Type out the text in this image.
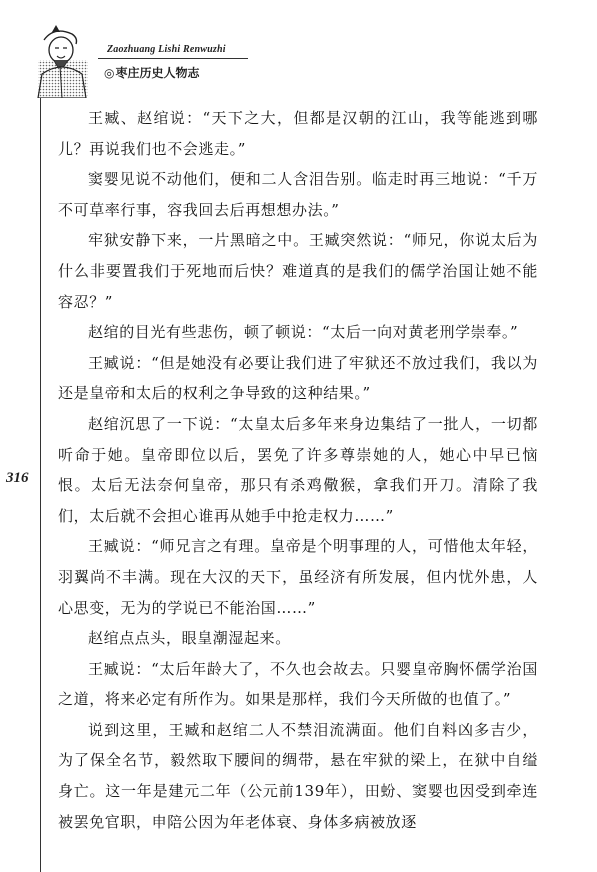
Zaozhuang Lishi Renwuzhi
◎枣庄历史人物志
316

王臧、赵绾说：“天下之大，但都是汉朝的江山，我等能逃到哪儿？再说我们也不会逃走。”

窦婴见说不动他们，便和二人含泪告别。临走时再三地说：“千万不可草率行事，容我回去后再想想办法。”

牢狱安静下来，一片黑暗之中。王臧突然说：“师兄，你说太后为什么非要置我们于死地而后快？难道真的是我们的儒学治国让她不能容忍？”

赵绾的目光有些悲伤，顿了顿说：“太后一向对黄老刑学崇奉。”

王臧说：“但是她没有必要让我们进了牢狱还不放过我们，我以为还是皇帝和太后的权利之争导致的这种结果。”

赵绾沉思了一下说：“太皇太后多年来身边集结了一批人，一切都听命于她。皇帝即位以后，罢免了许多尊崇她的人，她心中早已恼恨。太后无法奈何皇帝，那只有杀鸡儆猴，拿我们开刀。清除了我们，太后就不会担心谁再从她手中抢走权力……”

王臧说：“师兄言之有理。皇帝是个明事理的人，可惜他太年轻，羽翼尚不丰满。现在大汉的天下，虽经济有所发展，但内忧外患，人心思变，无为的学说已不能治国……”

赵绾点点头，眼皇潮湿起来。

王臧说：“太后年龄大了，不久也会故去。只婴皇帝胸怀儒学治国之道，将来必定有所作为。如果是那样，我们今天所做的也值了。”

说到这里，王臧和赵绾二人不禁泪流满面。他们自料凶多吉少，为了保全名节，毅然取下腰间的绸带，悬在牢狱的梁上，在狱中自缢身亡。这一年是建元二年（公元前139年），田蚡、窦婴也因受到牵连被罢免官职，申陪公因为年老体衰、身体多病被放逐
